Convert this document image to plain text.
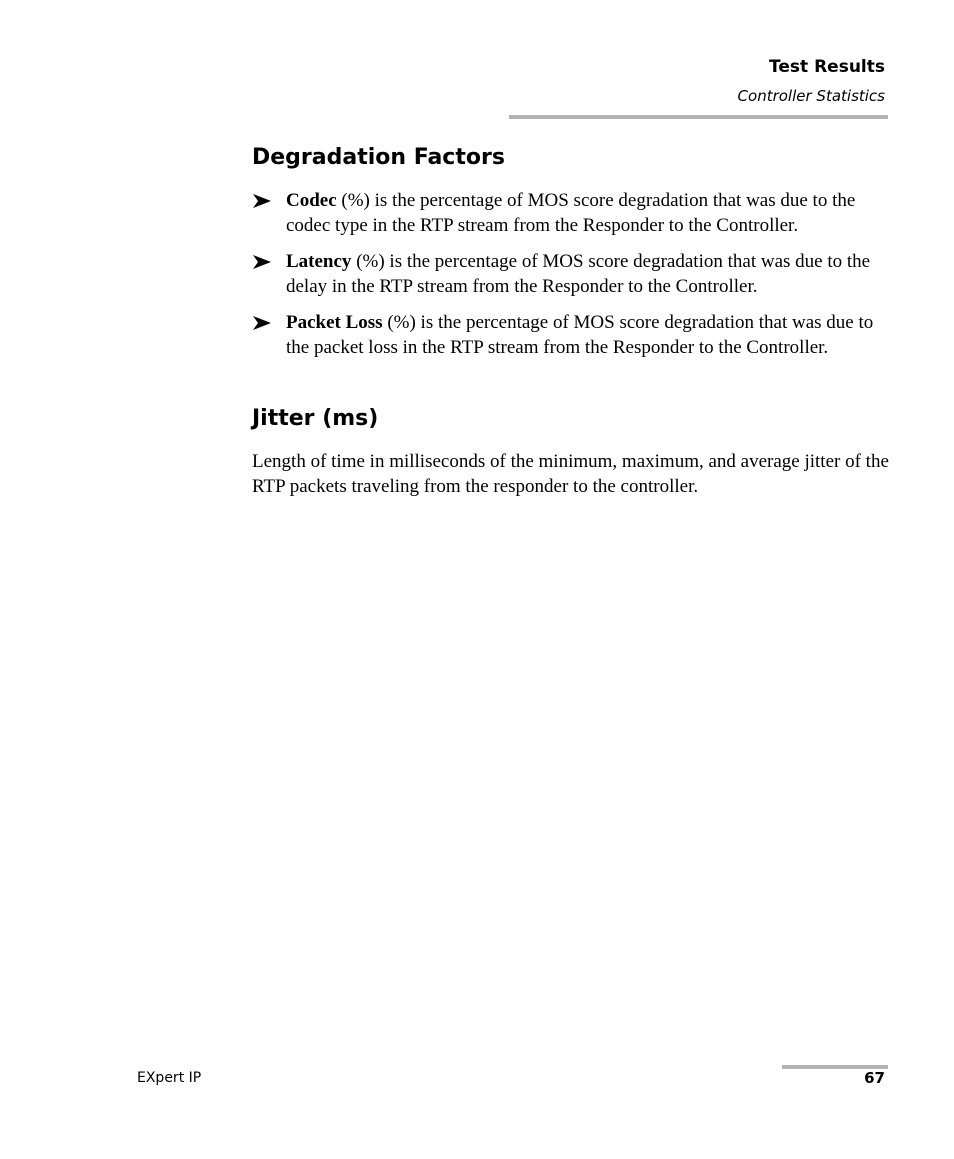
Test Results
Controller Statistics
Degradation Factors
Codec (%) is the percentage of MOS score degradation that was due to the codec type in the RTP stream from the Responder to the Controller.
Latency (%) is the percentage of MOS score degradation that was due to the delay in the RTP stream from the Responder to the Controller.
Packet Loss (%) is the percentage of MOS score degradation that was due to the packet loss in the RTP stream from the Responder to the Controller.
Jitter (ms)

Length of time in milliseconds of the minimum, maximum, and average jitter of the RTP packets traveling from the responder to the controller.

EXpert IP	67
